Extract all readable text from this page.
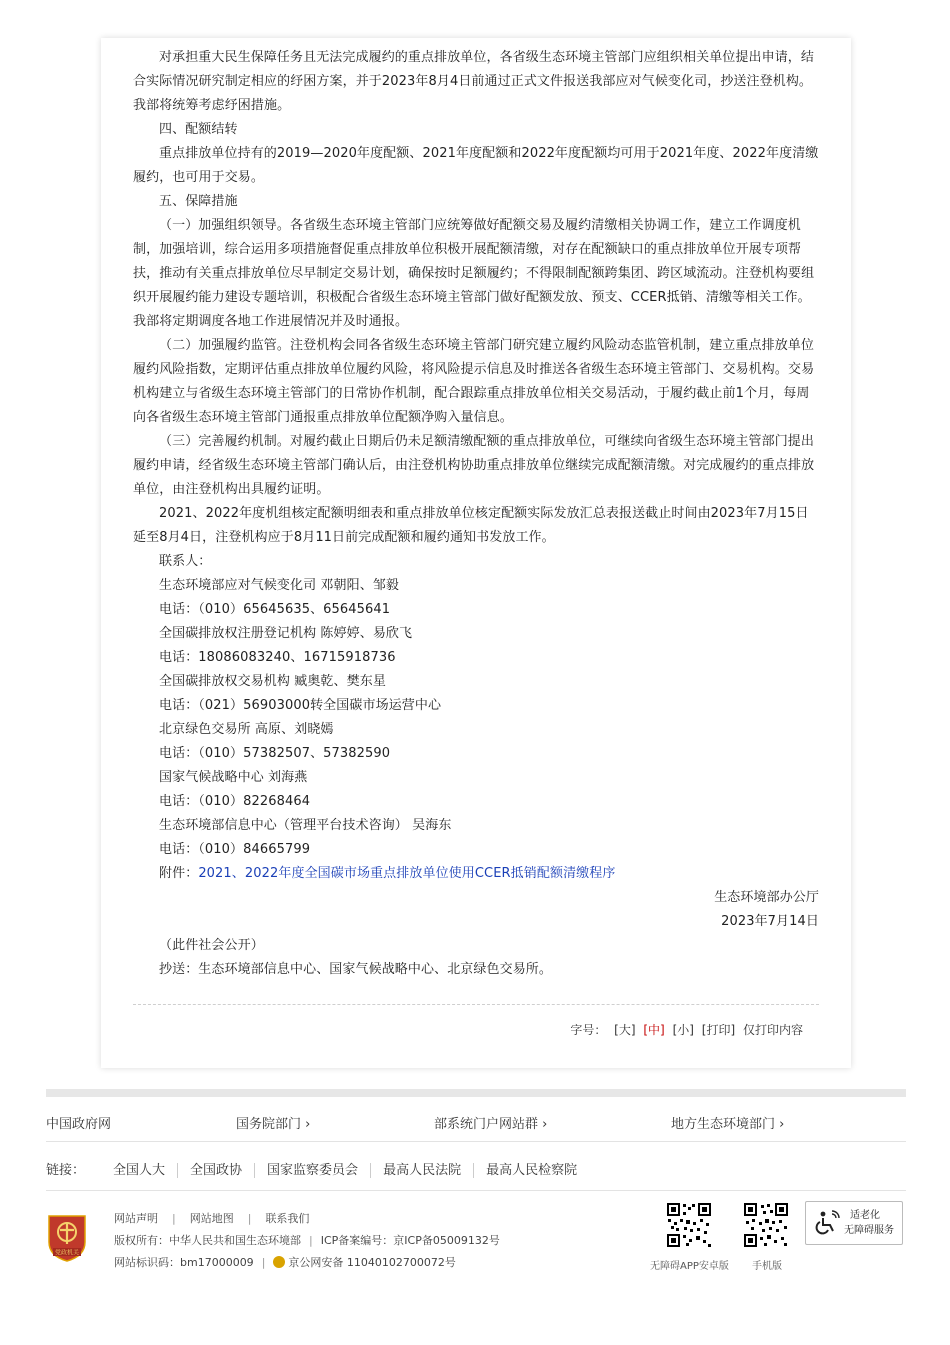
对承担重大民生保障任务且无法完成履约的重点排放单位，各省级生态环境主管部门应组织相关单位提出申请，结合实际情况研究制定相应的纾困方案，并于2023年8月4日前通过正式文件报送我部应对气候变化司，抄送注登机构。我部将统筹考虑纾困措施。

四、配额结转

重点排放单位持有的2019—2020年度配额、2021年度配额和2022年度配额均可用于2021年度、2022年度清缴履约，也可用于交易。

五、保障措施

（一）加强组织领导。各省级生态环境主管部门应统筹做好配额交易及履约清缴相关协调工作，建立工作调度机制，加强培训，综合运用多项措施督促重点排放单位积极开展配额清缴，对存在配额缺口的重点排放单位开展专项帮扶，推动有关重点排放单位尽早制定交易计划，确保按时足额履约；不得限制配额跨集团、跨区域流动。注登机构要组织开展履约能力建设专题培训，积极配合省级生态环境主管部门做好配额发放、预支、CCER抵销、清缴等相关工作。我部将定期调度各地工作进展情况并及时通报。

（二）加强履约监管。注登机构会同各省级生态环境主管部门研究建立履约风险动态监管机制，建立重点排放单位履约风险指数，定期评估重点排放单位履约风险，将风险提示信息及时推送各省级生态环境主管部门、交易机构。交易机构建立与省级生态环境主管部门的日常协作机制，配合跟踪重点排放单位相关交易活动，于履约截止前1个月，每周向各省级生态环境主管部门通报重点排放单位配额净购入量信息。

（三）完善履约机制。对履约截止日期后仍未足额清缴配额的重点排放单位，可继续向省级生态环境主管部门提出履约申请，经省级生态环境主管部门确认后，由注登机构协助重点排放单位继续完成配额清缴。对完成履约的重点排放单位，由注登机构出具履约证明。

2021、2022年度机组核定配额明细表和重点排放单位核定配额实际发放汇总表报送截止时间由2023年7月15日延至8月4日，注登机构应于8月11日前完成配额和履约通知书发放工作。

联系人：

生态环境部应对气候变化司 邓朝阳、邹毅

电话：（010）65645635、65645641

全国碳排放权注册登记机构 陈婷婷、易欣飞

电话：18086083240、16715918736

全国碳排放权交易机构 臧奥乾、樊东星

电话：（021）56903000转全国碳市场运营中心

北京绿色交易所 高原、刘晓嫣

电话：（010）57382507、57382590

国家气候战略中心 刘海燕

电话：（010）82268464

生态环境部信息中心（管理平台技术咨询） 吴海东

电话：（010）84665799

附件：2021、2022年度全国碳市场重点排放单位使用CCER抵销配额清缴程序

生态环境部办公厅

2023年7月14日

（此件社会公开）

抄送：生态环境部信息中心、国家气候战略中心、北京绿色交易所。

字号： [大] [中] [小] [打印] 仅打印内容
中国政府网	国务院部门 ›	部系统门户网站群 ›	地方生态环境部门 ›
链接： 全国人大 全国政协 国家监察委员会 最高人民法院 最高人民检察院
党政机关
网站声明 | 网站地图 | 联系我们
版权所有：中华人民共和国生态环境部 | ICP备案编号：京ICP备05009132号
网站标识码：bm17000009 | 京公网安备 11040102700072号	无障碍APP安卓版 手机版
适老化
无障碍服务
